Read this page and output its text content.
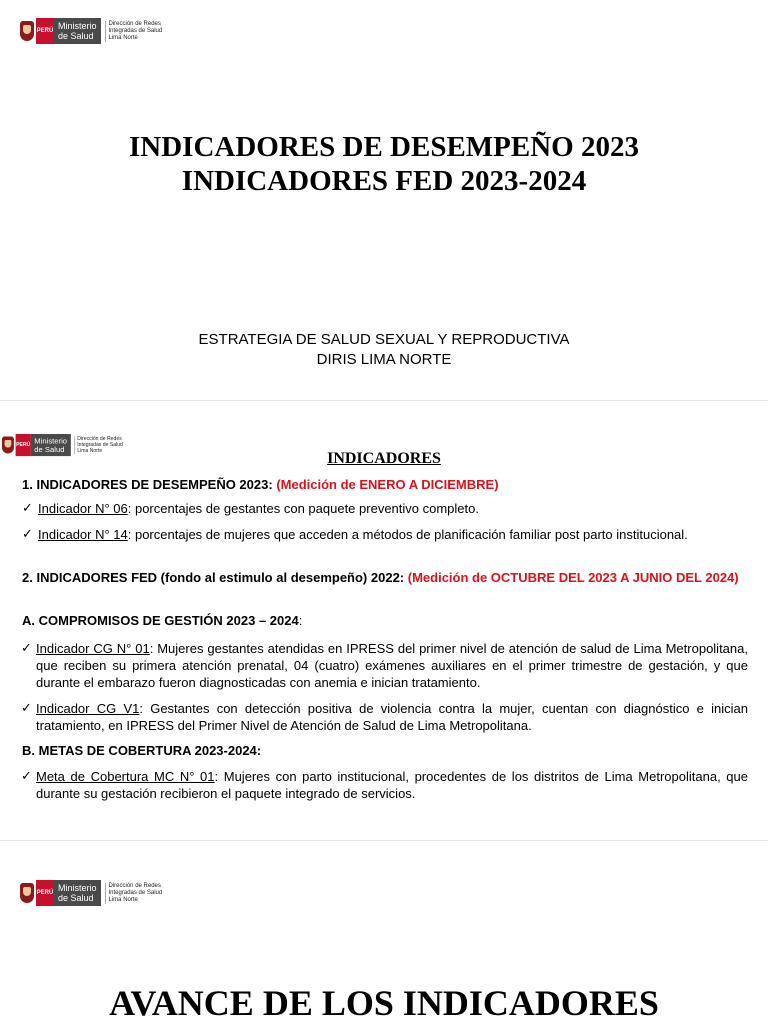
PERÚ Ministerio
de Salud
Dirección de Redes
Integradas de Salud
Lima Norte
INDICADORES DE DESEMPEÑO 2023
INDICADORES FED 2023-2024
ESTRATEGIA DE SALUD SEXUAL Y REPRODUCTIVA
DIRIS LIMA NORTE
PERÚ
Ministerio
de Salud
Dirección de Redes
Integradas de Salud
Lima Norte	INDICADORES
1. INDICADORES DE DESEMPEÑO 2023: (Medición de ENERO A DICIEMBRE)
✓ Indicador N° 06: porcentajes de gestantes con paquete preventivo completo.
✓ Indicador N° 14: porcentajes de mujeres que acceden a métodos de planificación familiar post parto institucional.
2. INDICADORES FED (fondo al estimulo al desempeño) 2022: (Medición de OCTUBRE DEL 2023 A JUNIO DEL 2024)
A. COMPROMISOS DE GESTIÓN 2023 – 2024:
✓ Indicador CG N° 01: Mujeres gestantes atendidas en IPRESS del primer nivel de atención de salud de Lima Metropolitana, que reciben su primera atención prenatal, 04 (cuatro) exámenes auxiliares en el primer trimestre de gestación, y que durante el embarazo fueron diagnosticadas con anemia e inician tratamiento.
✓ Indicador CG V1: Gestantes con detección positiva de violencia contra la mujer, cuentan con diagnóstico e inician tratamiento, en IPRESS del Primer Nivel de Atención de Salud de Lima Metropolitana.
B. METAS DE COBERTURA 2023-2024:
✓ Meta de Cobertura MC N° 01: Mujeres con parto institucional, procedentes de los distritos de Lima Metropolitana, que durante su gestación recibieron el paquete integrado de servicios.
PERÚ Ministerio
de Salud
Dirección de Redes
Integradas de Salud
Lima Norte
AVANCE DE LOS INDICADORES
